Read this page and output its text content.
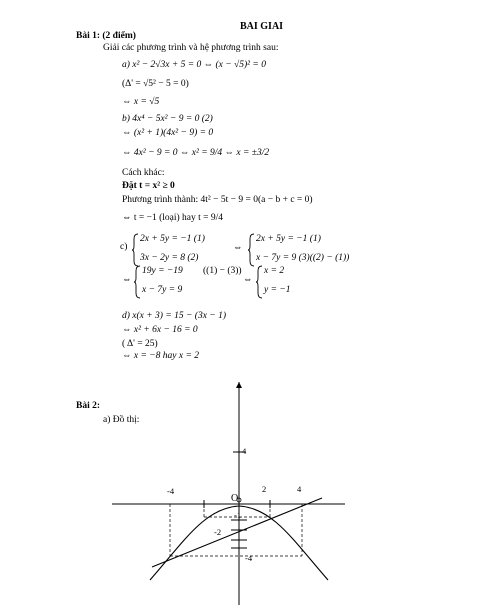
BAI GIAI
Bài 1: (2 điểm)
Giải các phương trình và hệ phương trình sau:
a) x² − 2√3x + 5 = 0 ⇔ (x − √5)² = 0
(Δ' = √5² − 5 = 0)
⇔ x = √5
b) 4x⁴ − 5x² − 9 = 0 (2)
⇔ (x² + 1)(4x² − 9) = 0
⇔ 4x² − 9 = 0 ⇔ x² = 9/4 ⇔ x = ±3/2
Cách khác:
Đặt t = x² ≥ 0
Phương trình thành: 4t² − 5t − 9 = 0(a − b + c = 0)
⇔ t = −1 (loại) hay t = 9/4
c)
2x + 5y = −1 (1)
3x − 2y = 8 (2)
⇔
2x + 5y = −1 (1)
x − 7y = 9 (3)((2) − (1))
⇔
19y = −19
x − 7y = 9
((1) − (3))
⇔
x = 2
y = −1
d) x(x + 3) = 15 − (3x − 1)
⇔ x² + 6x − 16 = 0
( Δ' = 25)
⇔ x = −8 hay x = 2
Bài 2:
a) Đồ thị:
O
-4	2	4
4
-1
-2
-4
